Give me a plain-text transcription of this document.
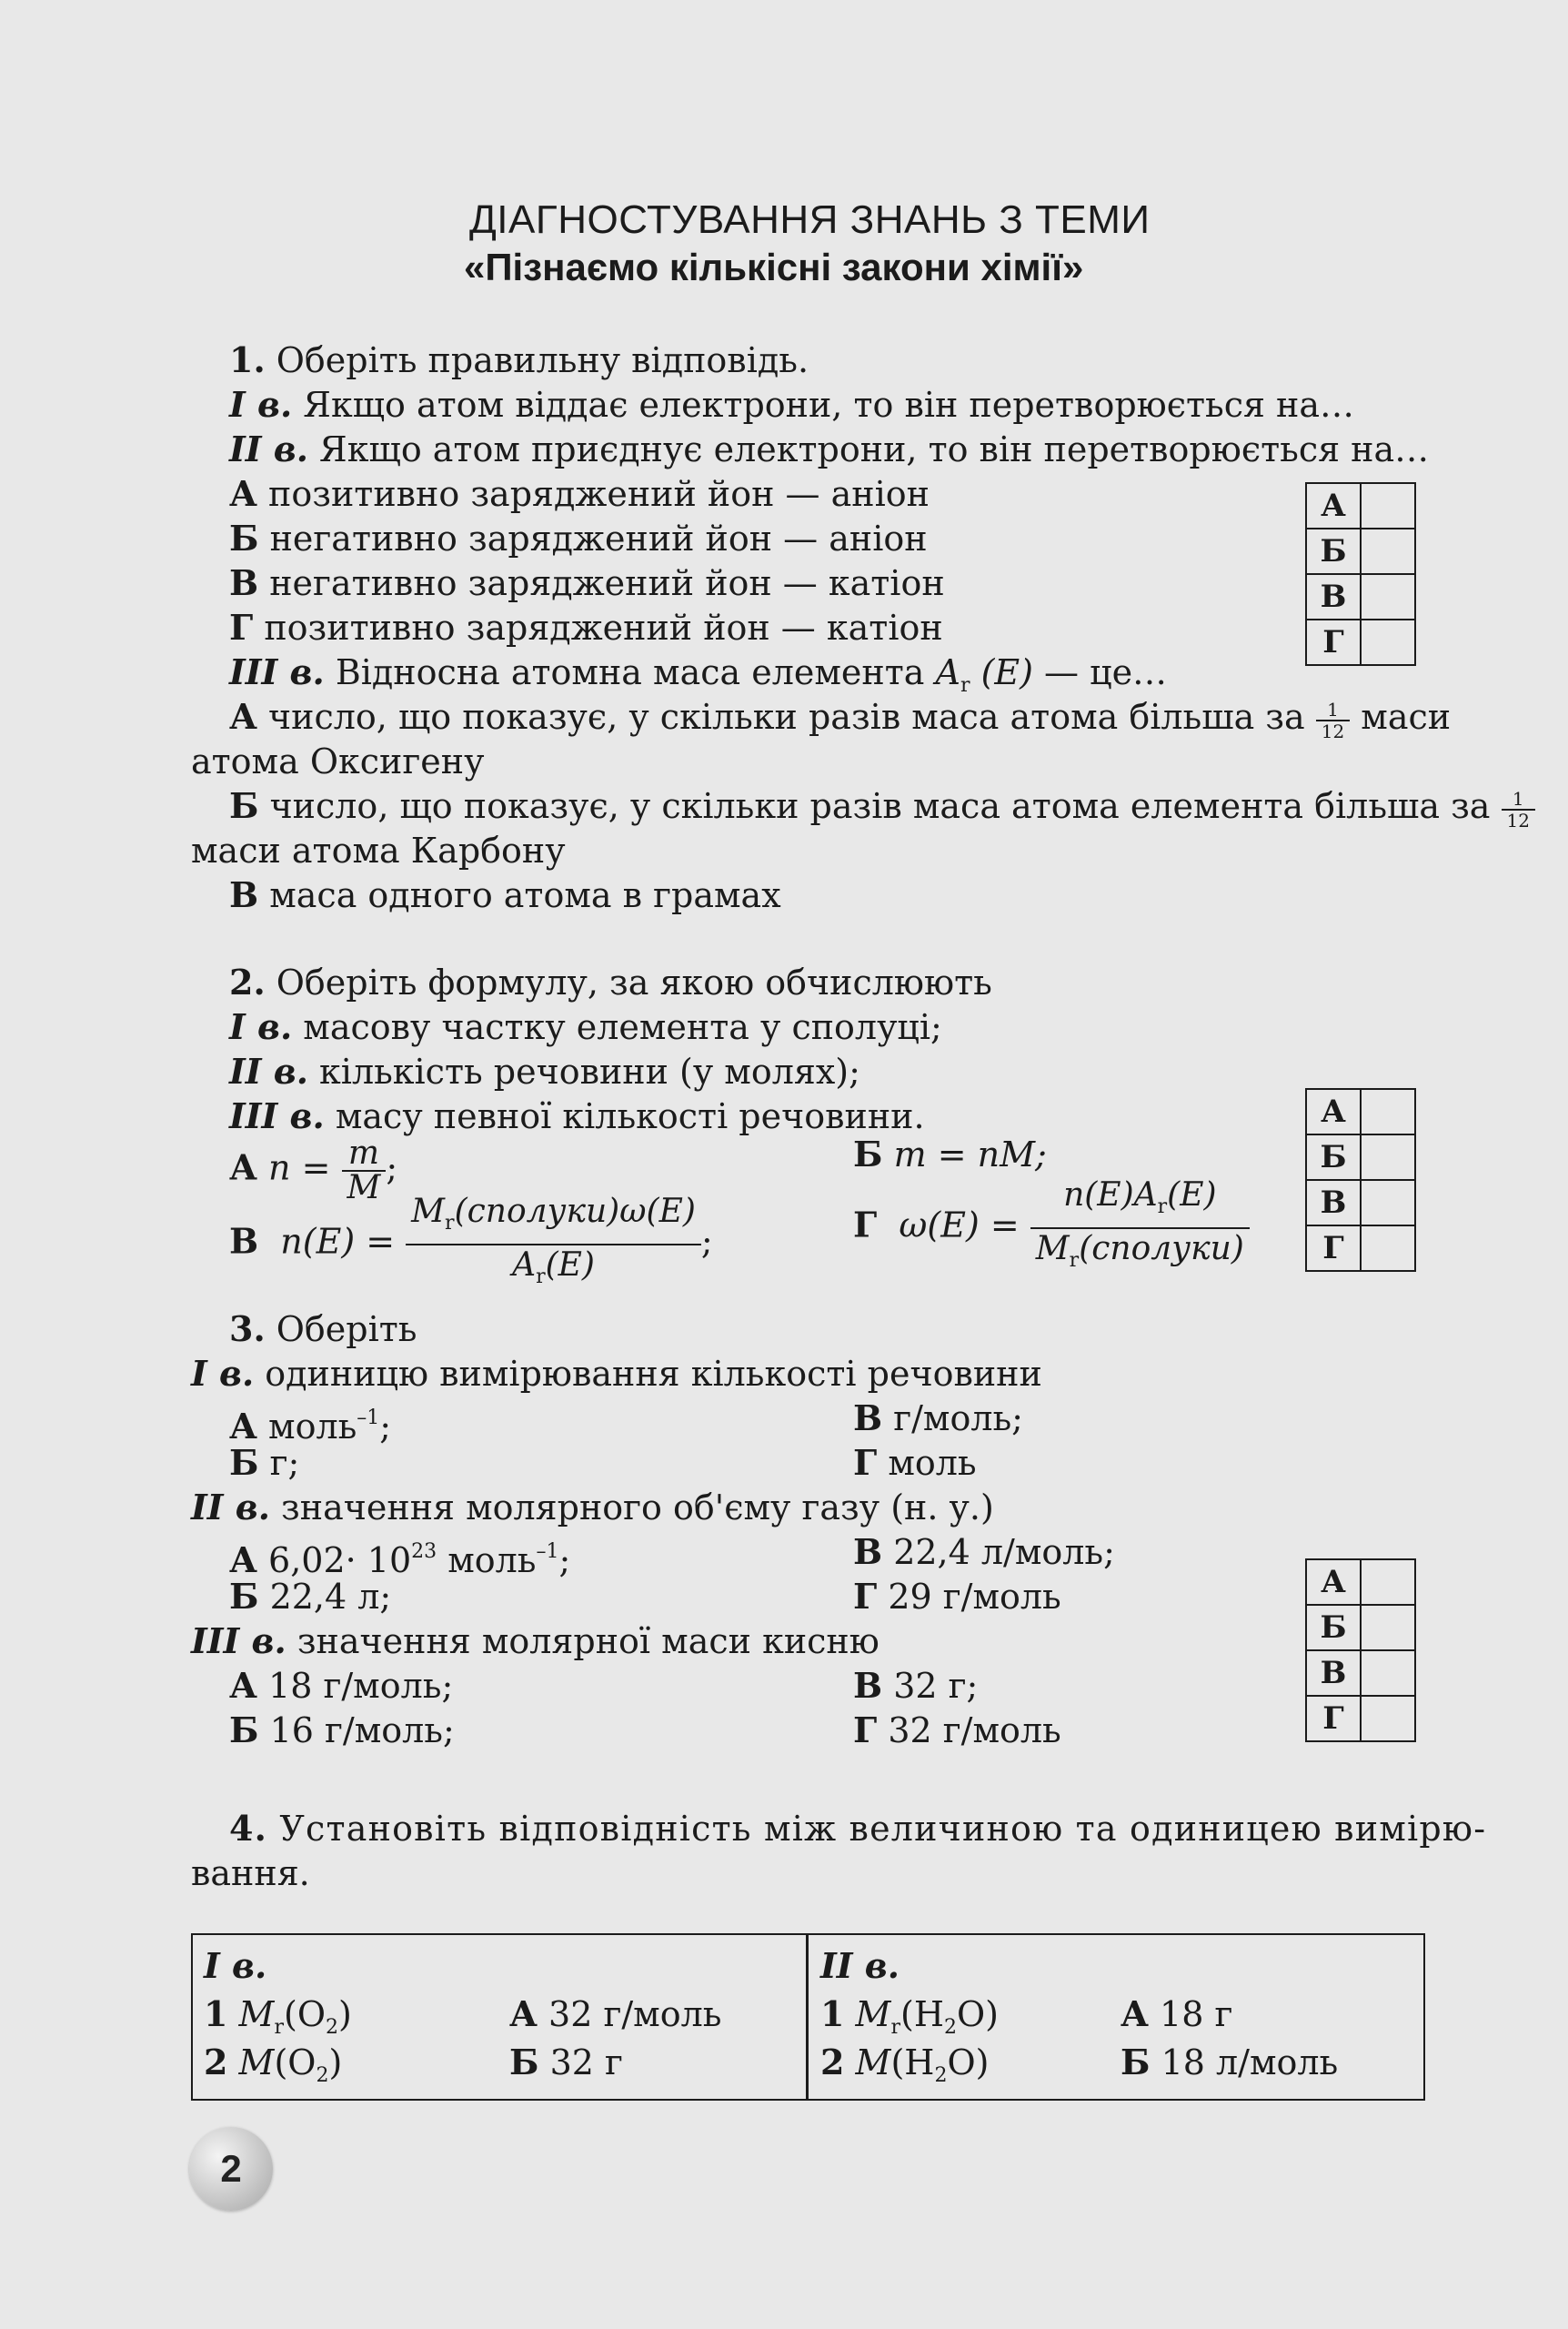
ДІАГНОСТУВАННЯ ЗНАНЬ З ТЕМИ
«Пізнаємо кількісні закони хімії»
1. Оберіть правильну відповідь.
I в. Якщо атом віддає електрони, то він перетворюється на…
II в. Якщо атом приєднує електрони, то він перетворюється на…
А позитивно заряджений йон — аніон
Б негативно заряджений йон — аніон
В негативно заряджений йон — катіон
Г позитивно заряджений йон — катіон
III в. Відносна атомна маса елемента $A_r$ (E) — це…
А число, що показує, у скільки разів маса атома більша за $\frac{1}{12}$ маси
атома Оксигену
Б число, що показує, у скільки разів маса атома елемента більша за $\frac{1}{12}$
маси атома Карбону
В маса одного атома в грамах
А	
Б	
В	
Г	
2. Оберіть формулу, за якою обчислюють
I в. масову частку елемента у сполуці;
II в. кількість речовини (у молях);
III в. масу певної кількості речовини.
А $n = \frac{m}{M}$ ;	Б m = nM;
В $n(E) = \frac{M_r(сполуки)\omega(E)}{A_r(E)}$ ;	Г $\omega(E) = \frac{n(E)A_r(E)}{M_r(сполуки)}$
А	
Б	
В	
Г	
3. Оберіть
I в. одиницю вимірювання кількості речовини
А моль$^{-1}$;	В г/моль;
Б г;	Г моль
II в. значення молярного об'єму газу (н. у.)
А $6,02\cdot 10^{23}$ моль$^{-1}$;	В 22,4 л/моль;
Б 22,4 л;	Г 29 г/моль
III в. значення молярної маси кисню
А 18 г/моль;	В 32 г;
Б 16 г/моль;	Г 32 г/моль
А	
Б	
В	
Г	
4. Установіть відповідність між величиною та одиницею вимірю-
вання.
I в.
1 $M_r(O_2)$	А 32 г/моль
2 $M(O_2)$	Б 32 г
II в.
1 $M_r(H_2O)$	А 18 г
2 $M(H_2O)$	Б 18 л/моль
2
